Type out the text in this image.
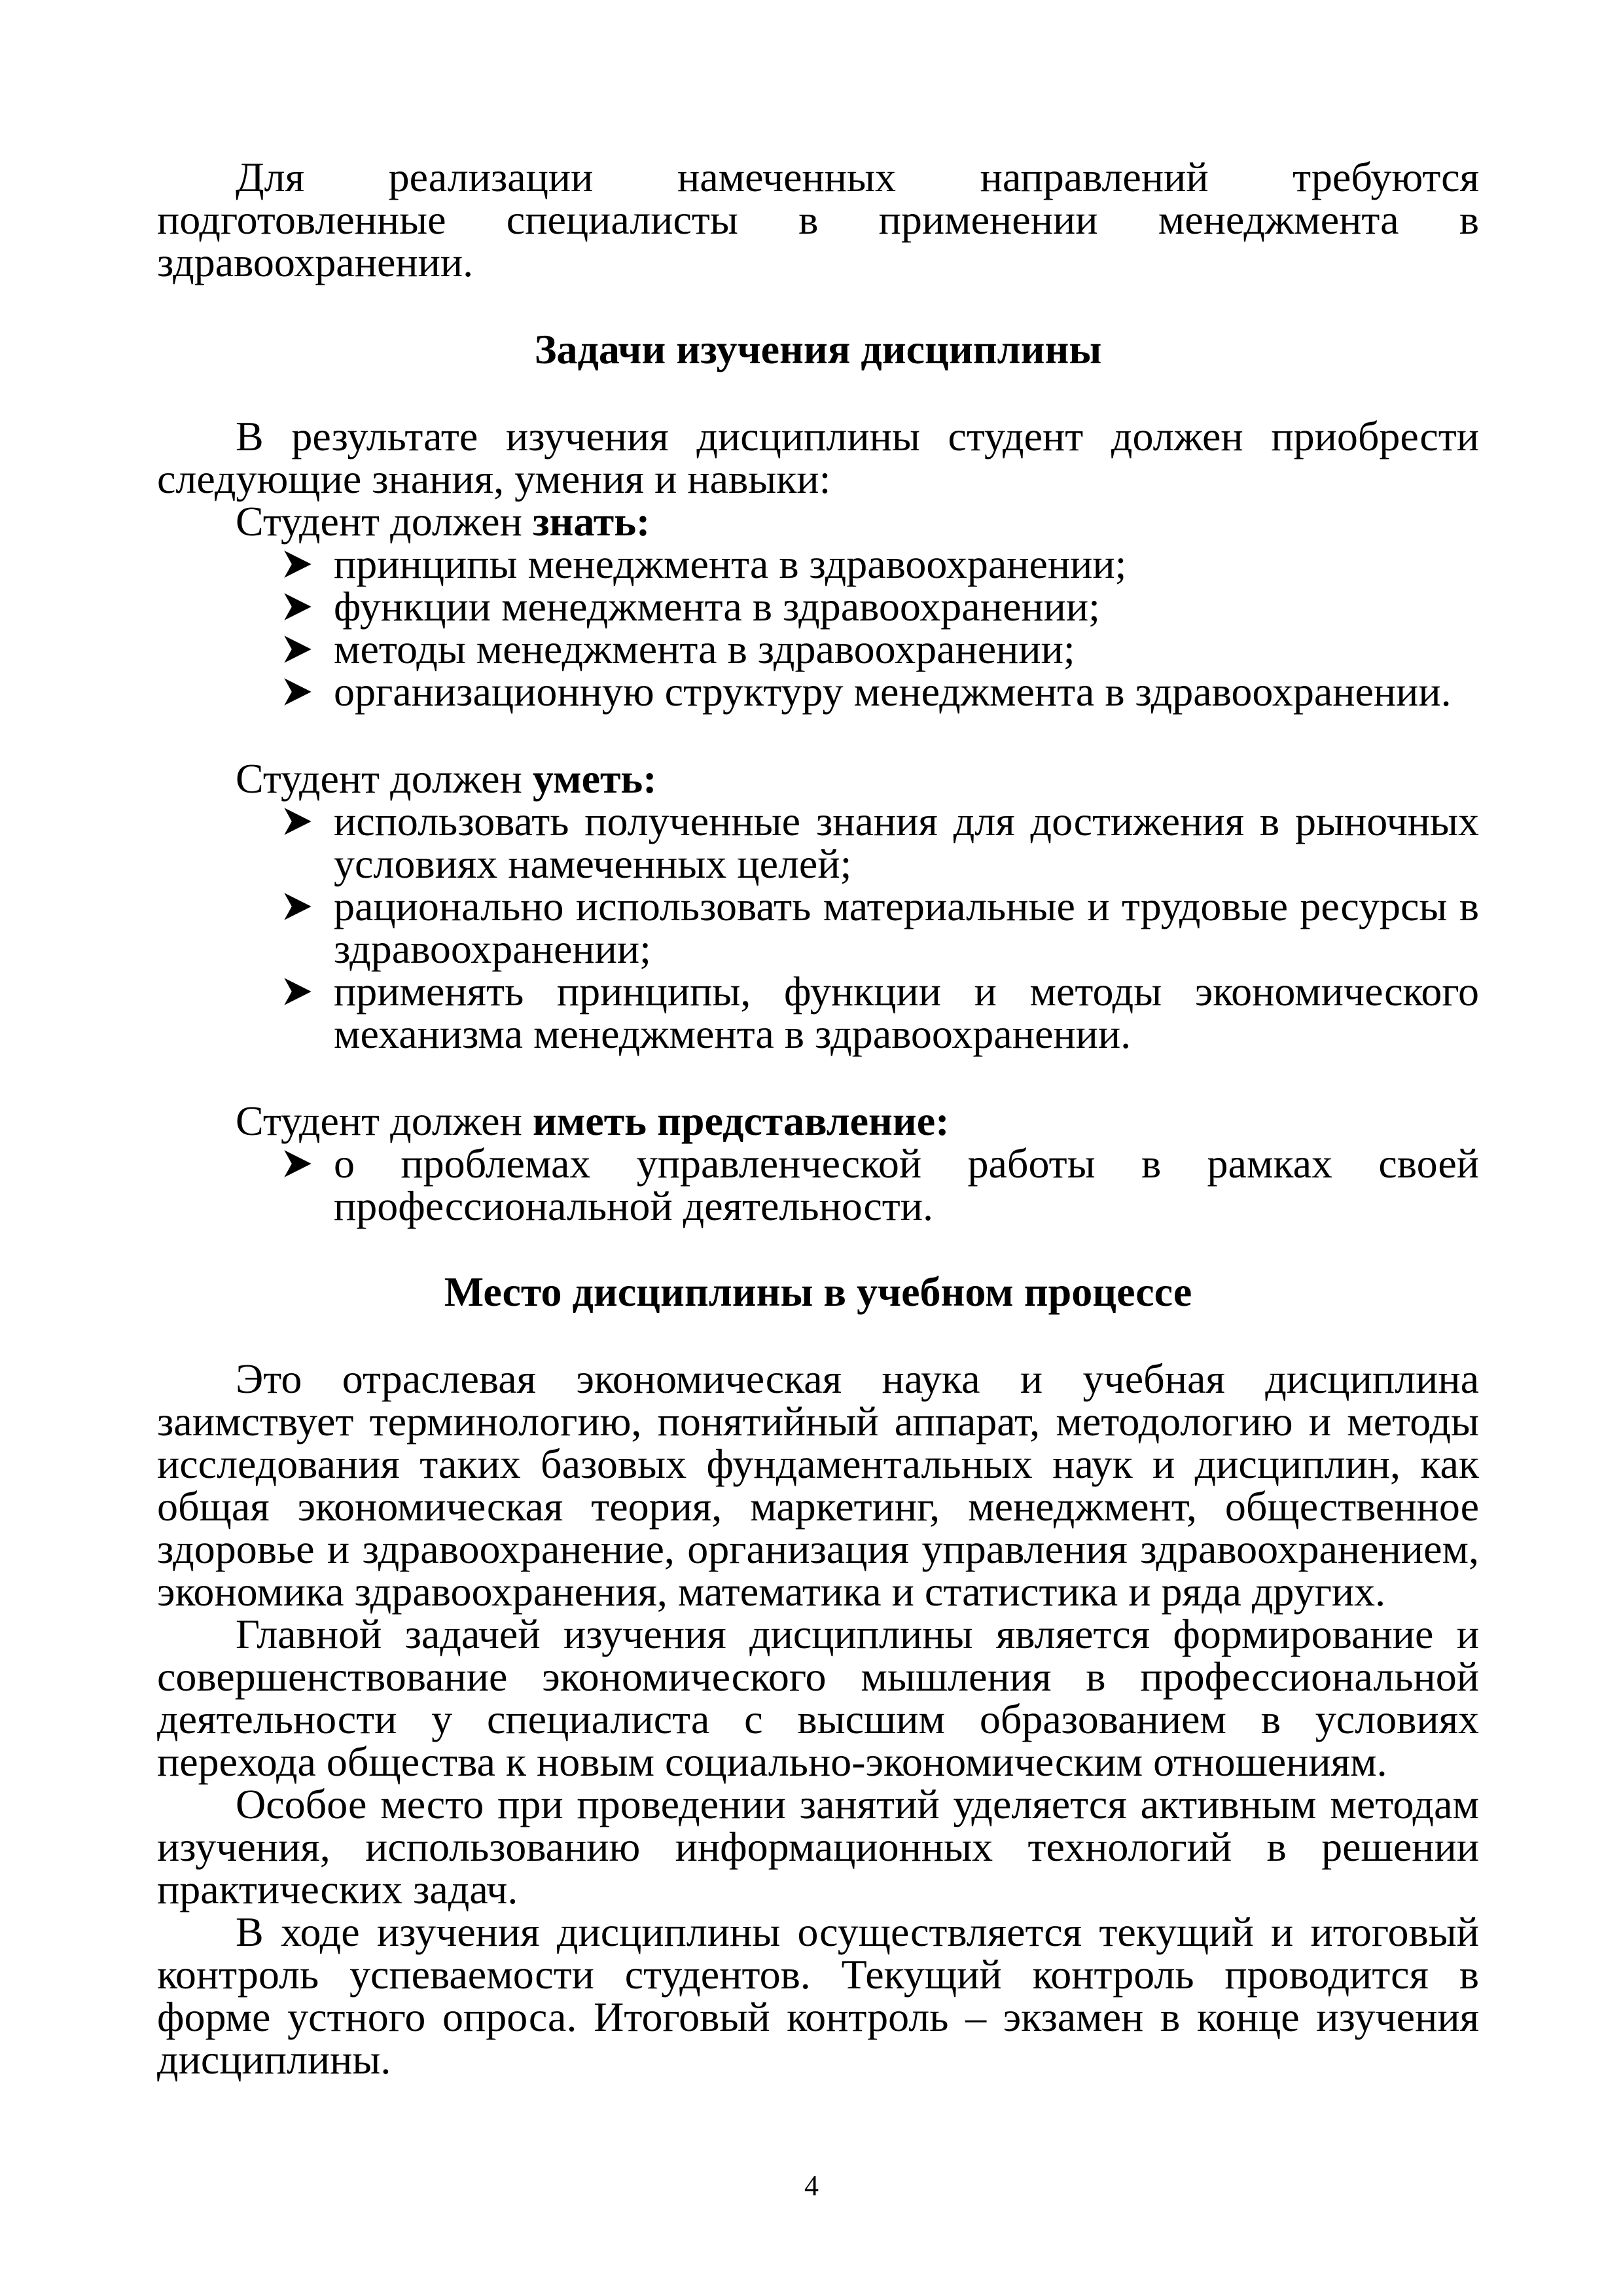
Для реализации намеченных направлений требуются подготовленные специалисты в применении менеджмента в здравоохранении.

Задачи изучения дисциплины

В результате изучения дисциплины студент должен приобрести следующие знания, умения и навыки:

Студент должен знать:
принципы менеджмента в здравоохранении;
функции менеджмента в здравоохранении;
методы менеджмента в здравоохранении;
организационную структуру менеджмента в здравоохранении.
Студент должен уметь:
использовать полученные знания для достижения в рыночных условиях намеченных целей;
рационально использовать материальные и трудовые ресурсы в здравоохранении;
применять принципы, функции и методы экономического механизма менеджмента в здравоохранении.
Студент должен иметь представление:
о проблемах управленческой работы в рамках своей профессиональной деятельности.
Место дисциплины в учебном процессе

Это отраслевая экономическая наука и учебная дисциплина заимствует терминологию, понятийный аппарат, методологию и методы исследования таких базовых фундаментальных наук и дисциплин, как общая экономическая теория, маркетинг, менеджмент, общественное здоровье и здравоохранение, организация управления здравоохранением, экономика здравоохранения, математика и статистика и ряда других.

Главной задачей изучения дисциплины является формирование и совершенствование экономического мышления в профессиональной деятельности у специалиста с высшим образованием в условиях перехода общества к новым социально-экономическим отношениям.

Особое место при проведении занятий уделяется активным методам изучения, использованию информационных технологий в решении практических задач.

В ходе изучения дисциплины осуществляется текущий и итоговый контроль успеваемости студентов. Текущий контроль проводится в форме устного опроса. Итоговый контроль – экзамен в конце изучения дисциплины.

4
